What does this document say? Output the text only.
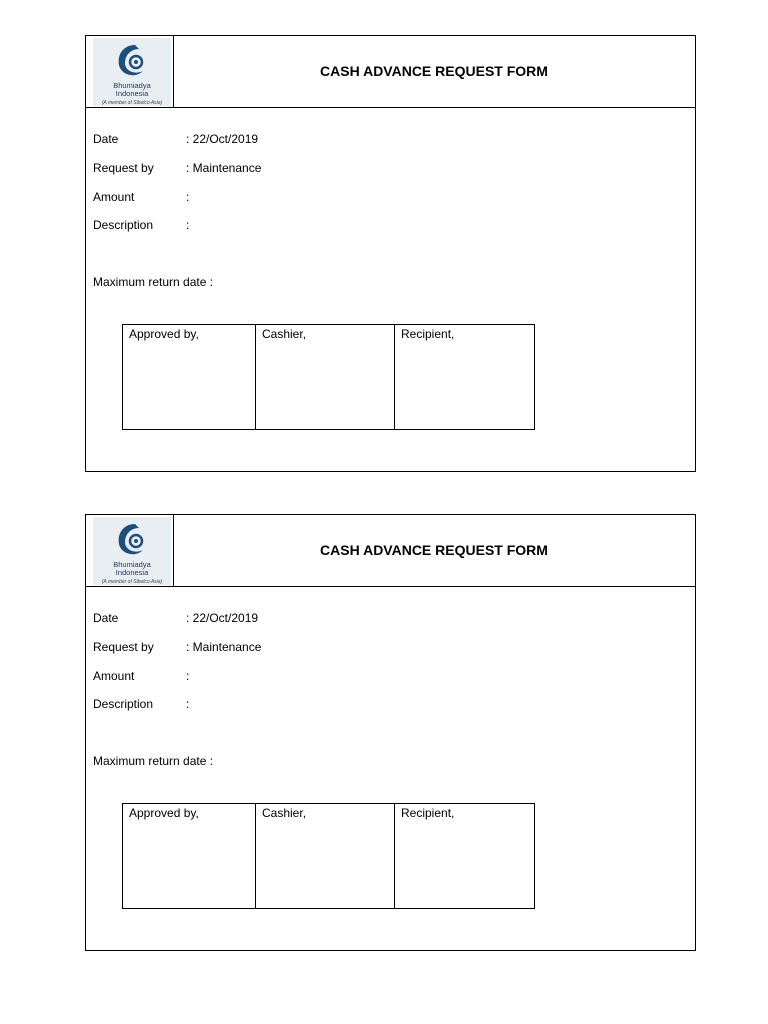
Bhumiadya
Indonesia
(A member of Sibelco Asia)
CASH ADVANCE REQUEST FORM
Date	: 22/Oct/2019
Request by	: Maintenance
Amount	:
Description	:
Maximum return date :
Approved by,	Cashier,	Recipient,
Bhumiadya
Indonesia
(A member of Sibelco Asia)
CASH ADVANCE REQUEST FORM
Date	: 22/Oct/2019
Request by	: Maintenance
Amount	:
Description	:
Maximum return date :
Approved by,	Cashier,	Recipient,
